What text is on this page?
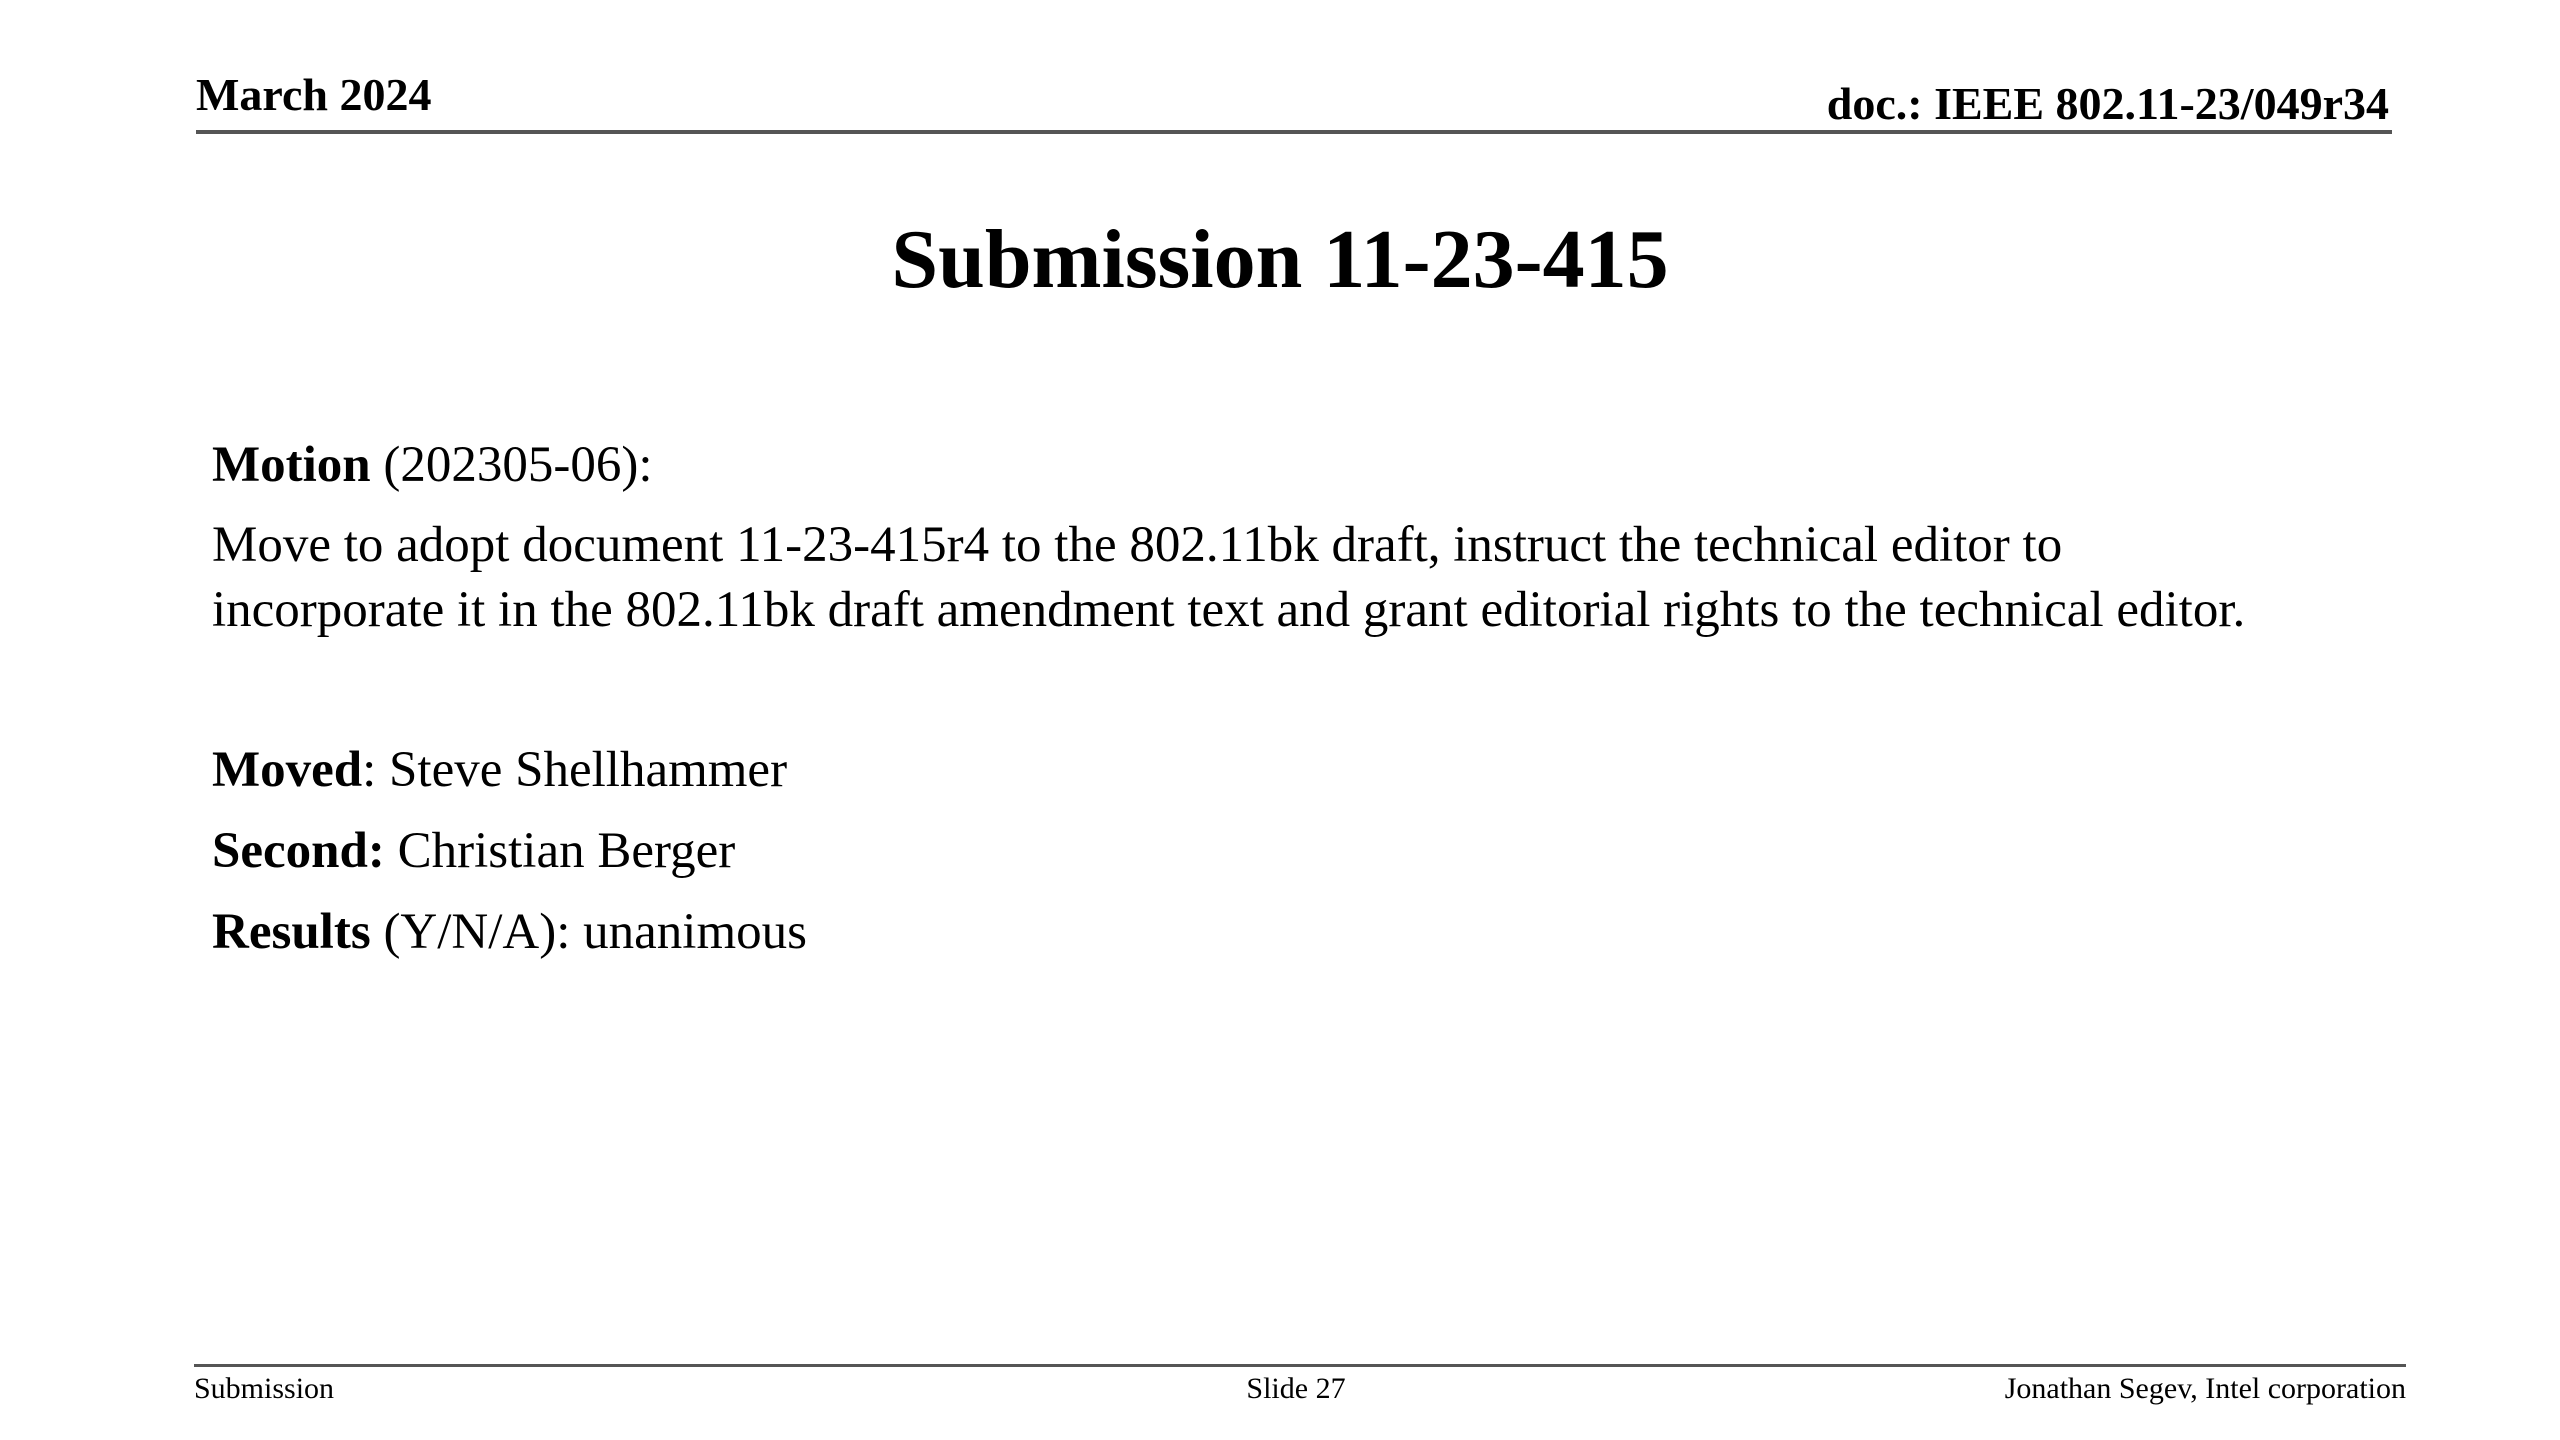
March 2024	doc.: IEEE 802.11-23/049r34
Submission 11-23-415
Motion (202305-06):
Move to adopt document 11-23-415r4 to the 802.11bk draft, instruct the technical editor to
incorporate it in the 802.11bk draft amendment text and grant editorial rights to the technical editor.
Moved: Steve Shellhammer
Second: Christian Berger
Results (Y/N/A): unanimous
Submission	Slide 27	Jonathan Segev, Intel corporation
